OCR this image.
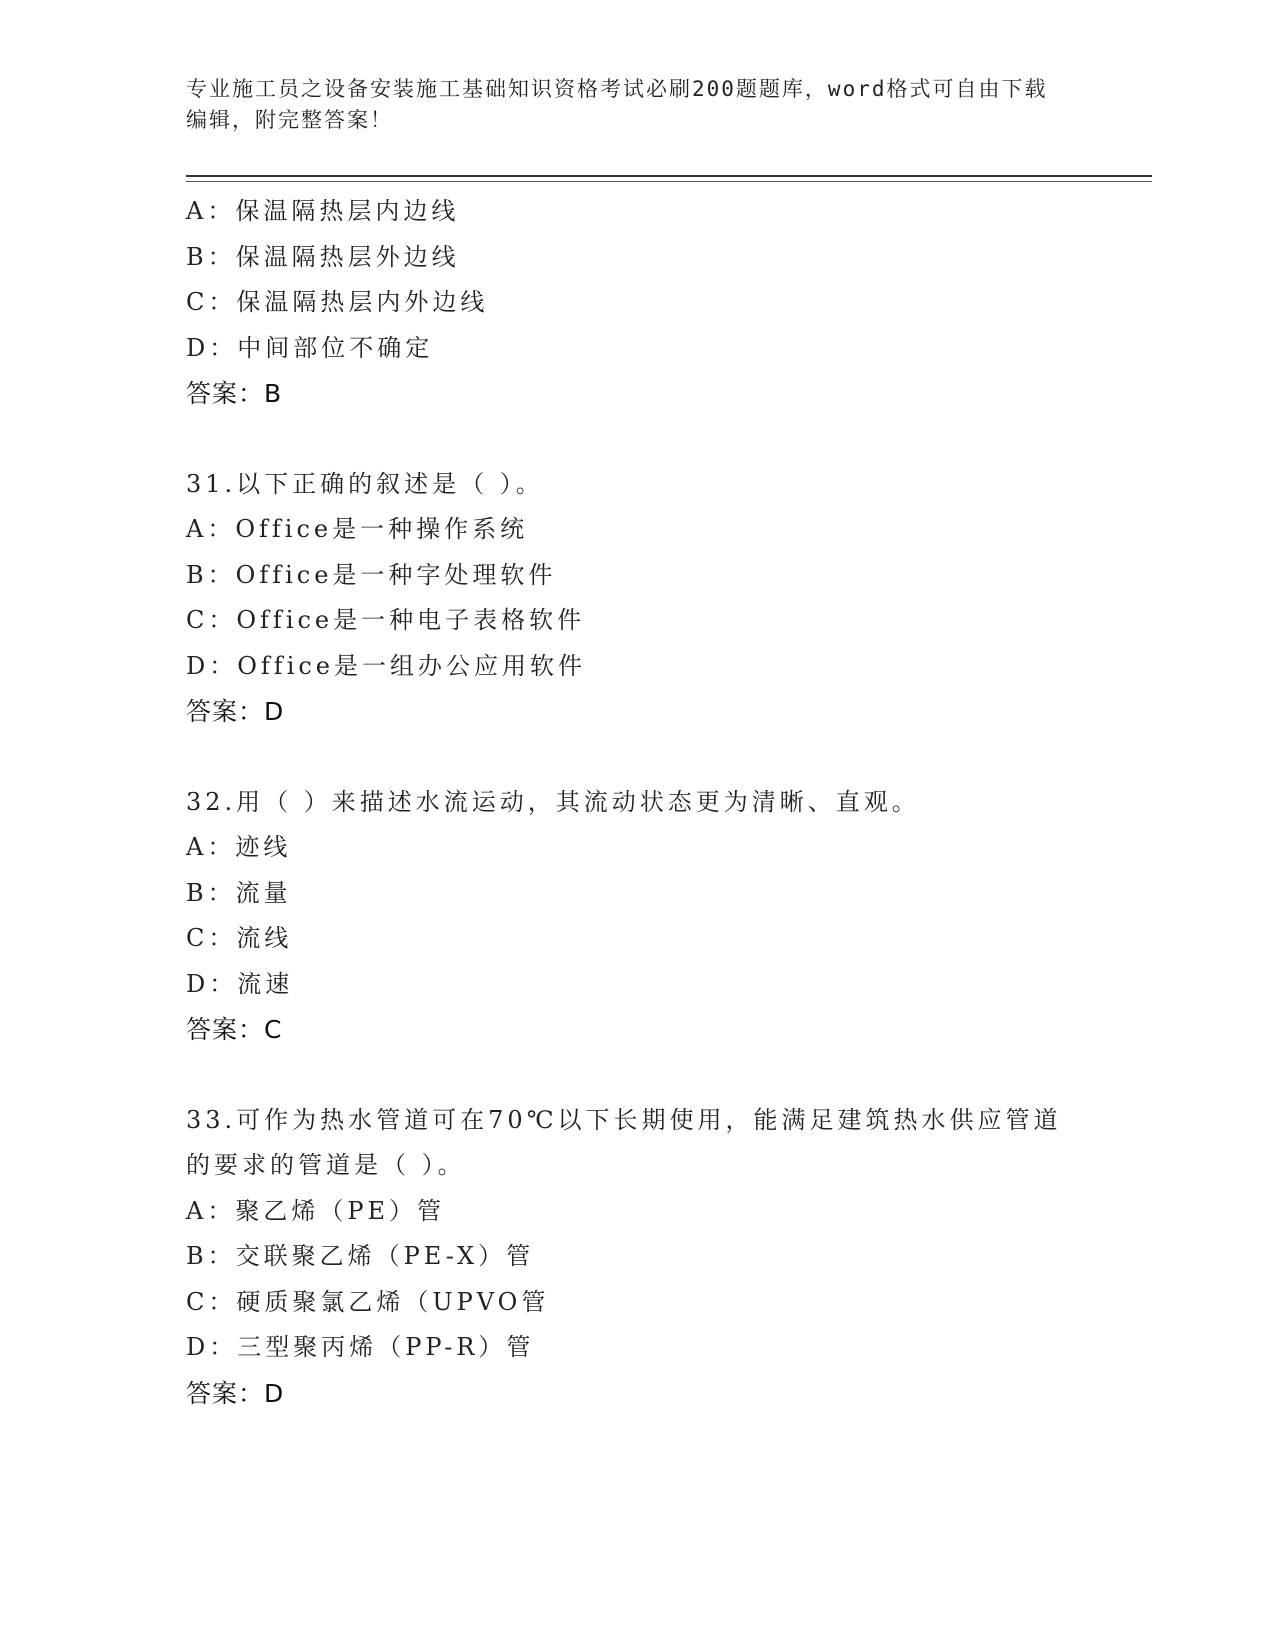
专业施工员之设备安装施工基础知识资格考试必刷200题题库，word格式可自由下载编辑，附完整答案！
A：保温隔热层内边线
B：保温隔热层外边线
C：保温隔热层内外边线
D：中间部位不确定
答案：B
31.以下正确的叙述是（ ）。
A：Office是一种操作系统
B：Office是一种字处理软件
C：Office是一种电子表格软件
D：Office是一组办公应用软件
答案：D
32.用（ ）来描述水流运动，其流动状态更为清晰、直观。
A：迹线
B：流量
C：流线
D：流速
答案：C
33.可作为热水管道可在70℃以下长期使用，能满足建筑热水供应管道的要求的管道是（ ）。
A：聚乙烯（PE）管
B：交联聚乙烯（PE-X）管
C：硬质聚氯乙烯（UPVO管
D：三型聚丙烯（PP-R）管
答案：D
